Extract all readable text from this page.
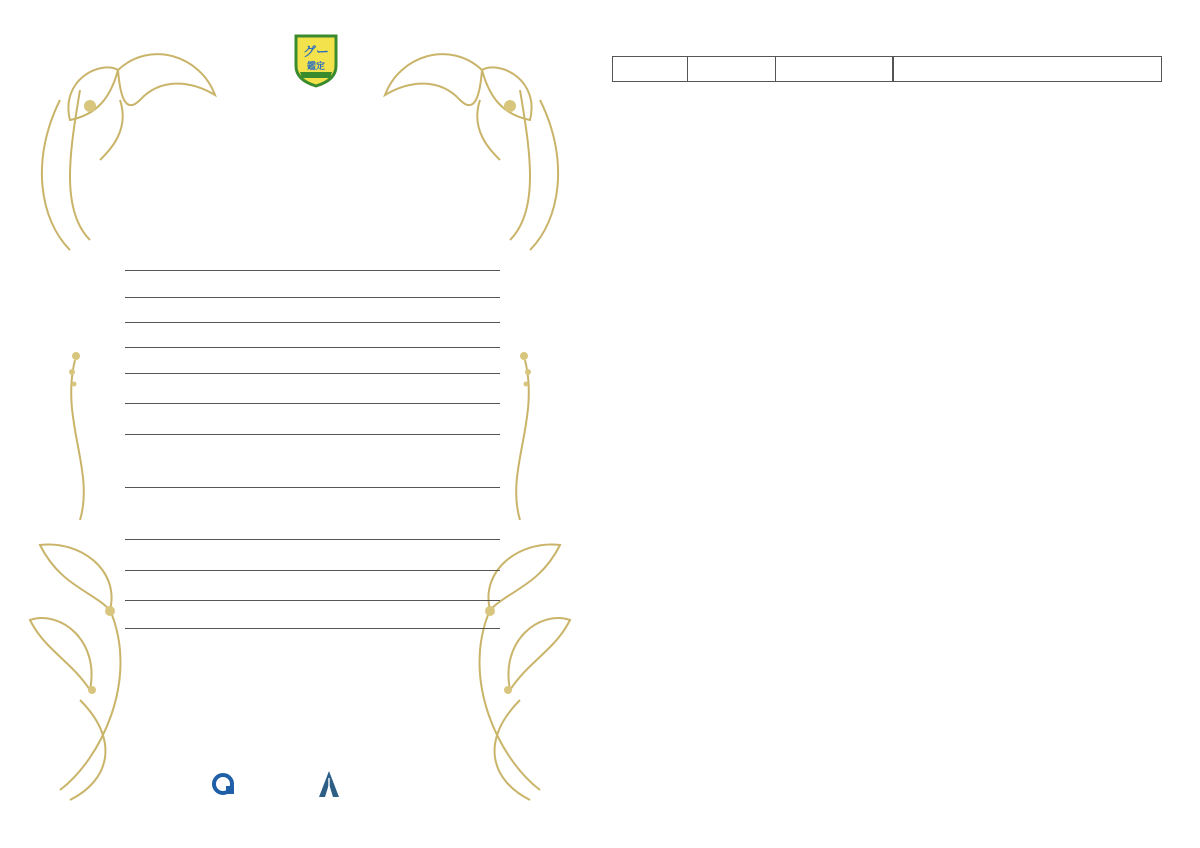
グー
鑑定
